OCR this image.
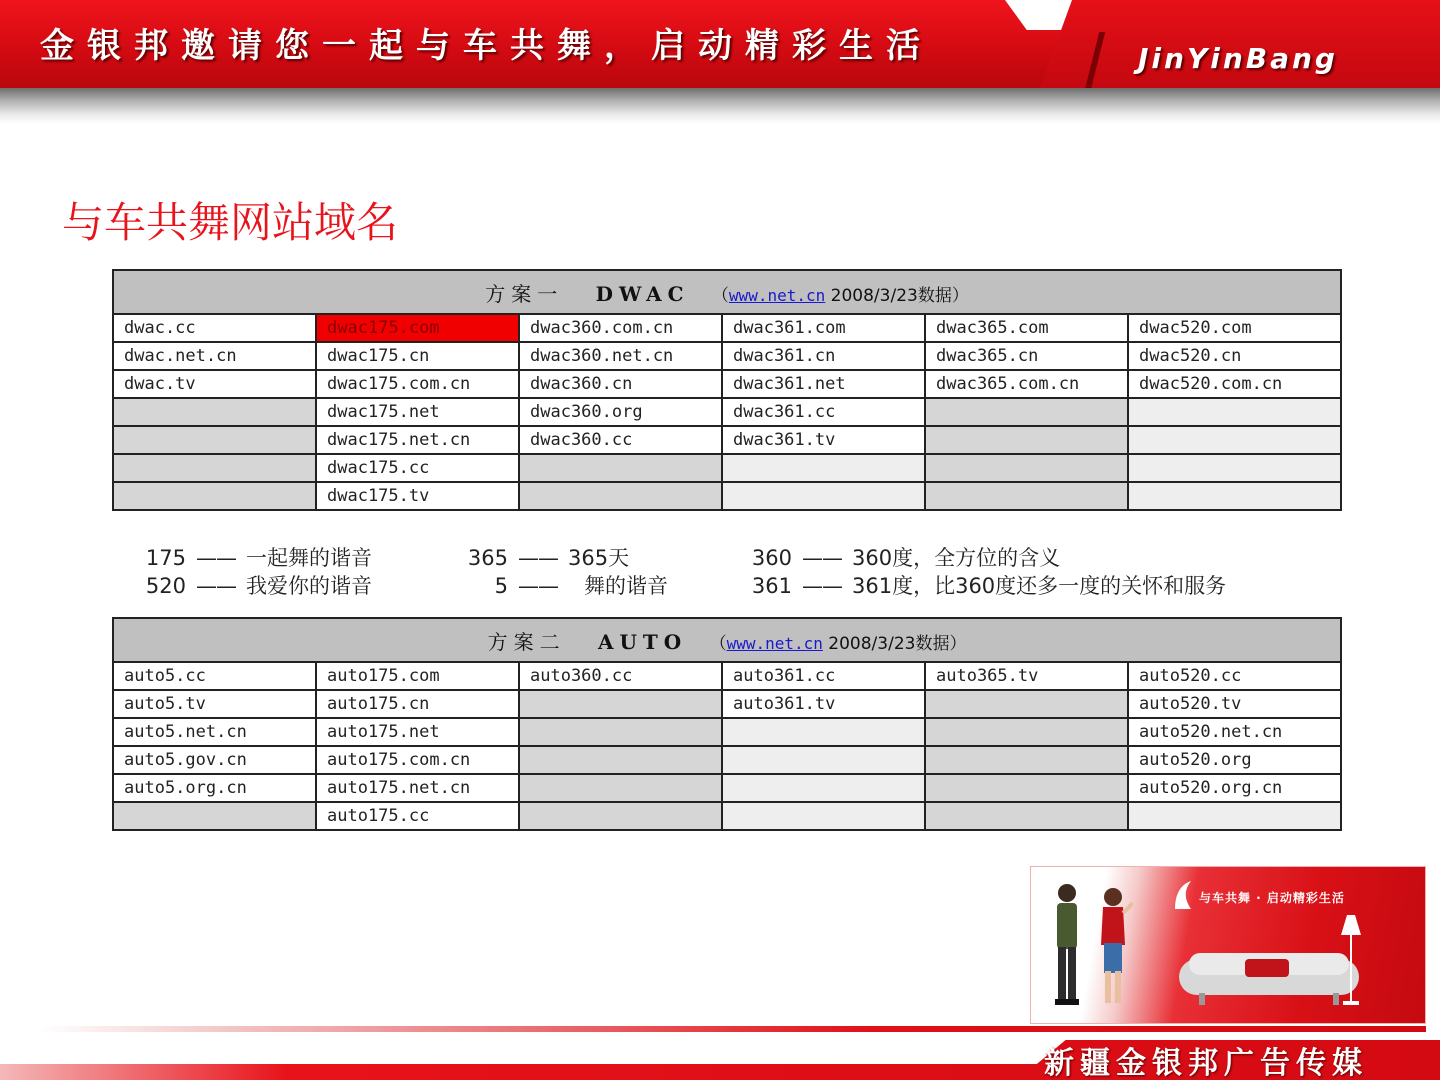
金银邦邀请您一起与车共舞，启动精彩生活	JinYinBang
与车共舞网站域名
方案一 DWAC （www.net.cn 2008/3/23数据）					
dwac.cc	dwac175.com	dwac360.com.cn	dwac361.com	dwac365.com	dwac520.com
dwac.net.cn	dwac175.cn	dwac360.net.cn	dwac361.cn	dwac365.cn	dwac520.cn
dwac.tv	dwac175.com.cn	dwac360.cn	dwac361.net	dwac365.com.cn	dwac520.com.cn
	dwac175.net	dwac360.org	dwac361.cc		
	dwac175.net.cn	dwac360.cc	dwac361.tv		
	dwac175.cc				
	dwac175.tv				
175 —— 一起舞的谐音
520 —— 我爱你的谐音
365 —— 365天
5 —— 舞的谐音
360 —— 360度，全方位的含义
361 —— 361度，比360度还多一度的关怀和服务
方案二 AUTO （www.net.cn 2008/3/23数据）					
auto5.cc	auto175.com	auto360.cc	auto361.cc	auto365.tv	auto520.cc
auto5.tv	auto175.cn		auto361.tv		auto520.tv
auto5.net.cn	auto175.net				auto520.net.cn
auto5.gov.cn	auto175.com.cn				auto520.org
auto5.org.cn	auto175.net.cn				auto520.org.cn
	auto175.cc				
与车共舞 · 启动精彩生活
新疆金银邦广告传媒
